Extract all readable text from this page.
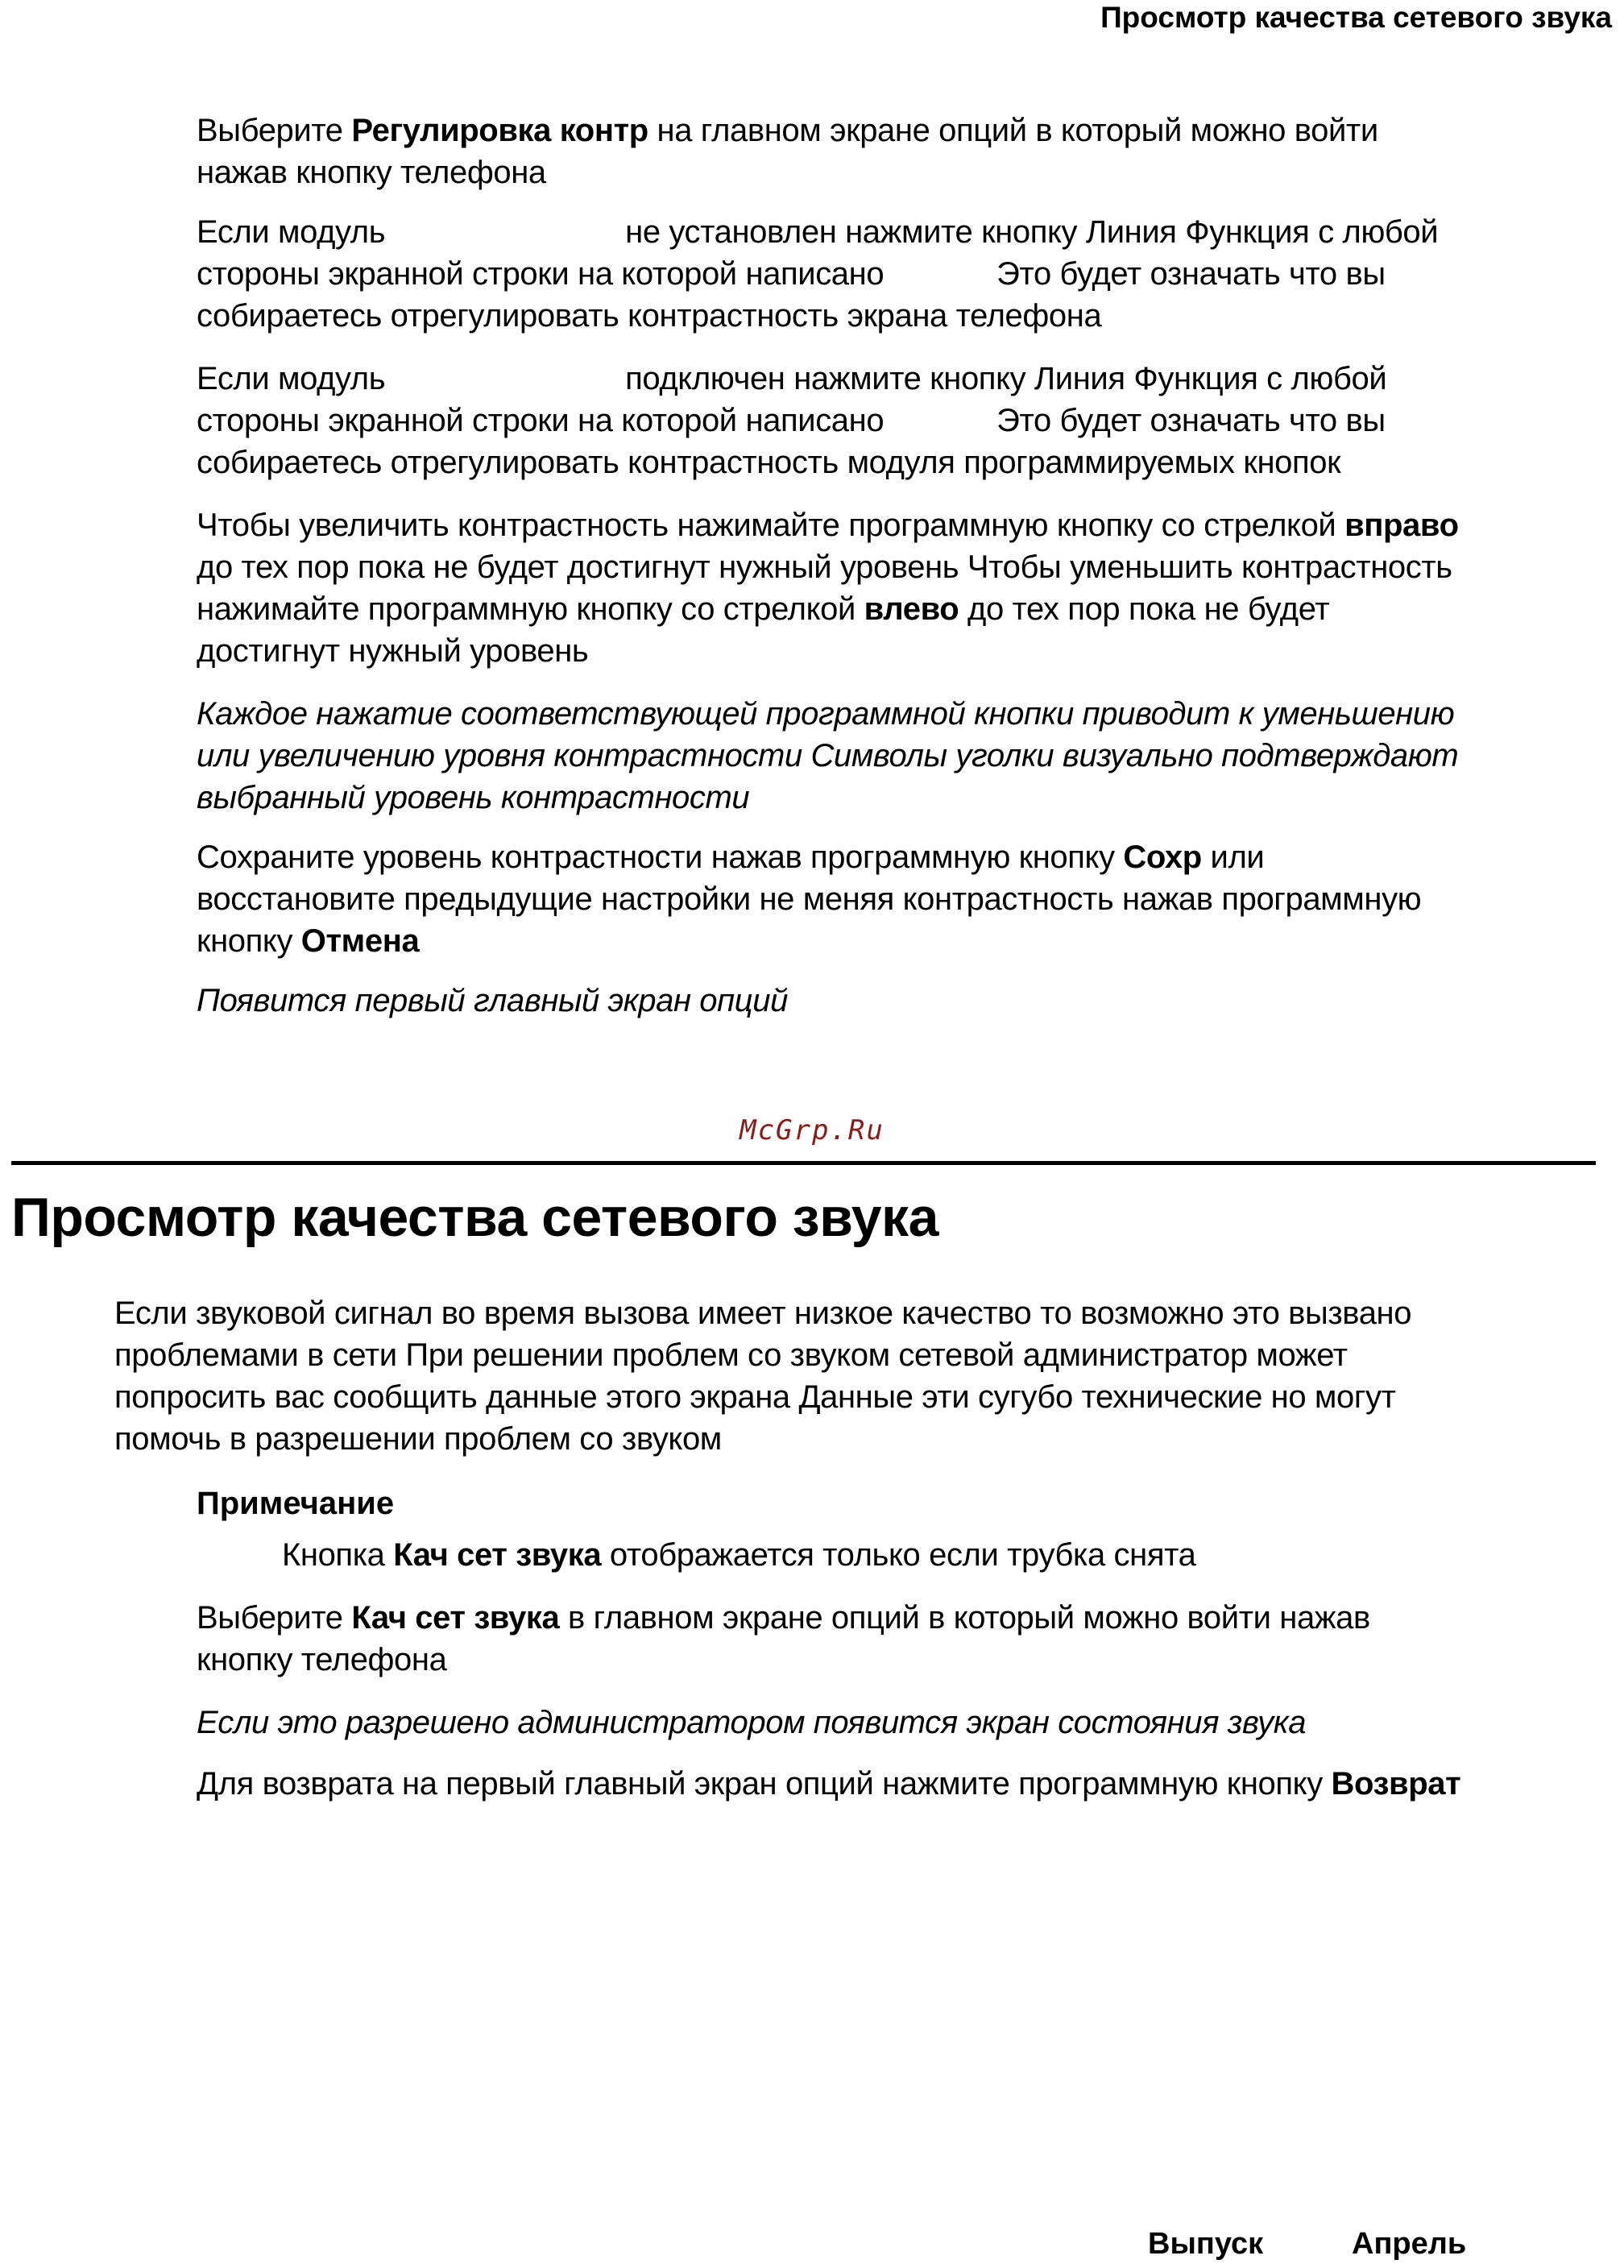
Просмотр качества сетевого звука
Выберите Регулировка контр на главном экране опций в который можно войти
нажав кнопку телефона
Если модуль	не установлен нажмите кнопку Линия Функция с любой
стороны экранной строки на которой написано	Это будет означать что вы
собираетесь отрегулировать контрастность экрана телефона
Если модуль	подключен нажмите кнопку Линия Функция с любой
стороны экранной строки на которой написано	Это будет означать что вы
собираетесь отрегулировать контрастность модуля программируемых кнопок
Чтобы увеличить контрастность нажимайте программную кнопку со стрелкой вправо
до тех пор пока не будет достигнут нужный уровень Чтобы уменьшить контрастность
нажимайте программную кнопку со стрелкой влево до тех пор пока не будет
достигнут нужный уровень
Каждое нажатие соответствующей программной кнопки приводит к уменьшению
или увеличению уровня контрастности Символы уголки визуально подтверждают
выбранный уровень контрастности
Сохраните уровень контрастности нажав программную кнопку Сохр или
восстановите предыдущие настройки не меняя контрастность нажав программную
кнопку Отмена
Появится первый главный экран опций
McGrp.Ru
Просмотр качества сетевого звука
Если звуковой сигнал во время вызова имеет низкое качество то возможно это вызвано
проблемами в сети При решении проблем со звуком сетевой администратор может
попросить вас сообщить данные этого экрана Данные эти сугубо технические но могут
помочь в разрешении проблем со звуком
Примечание
Кнопка Кач сет звука отображается только если трубка снята
Выберите Кач сет звука в главном экране опций в который можно войти нажав
кнопку телефона
Если это разрешено администратором появится экран состояния звука
Для возврата на первый главный экран опций нажмите программную кнопку Возврат
Выпуск	Апрель
